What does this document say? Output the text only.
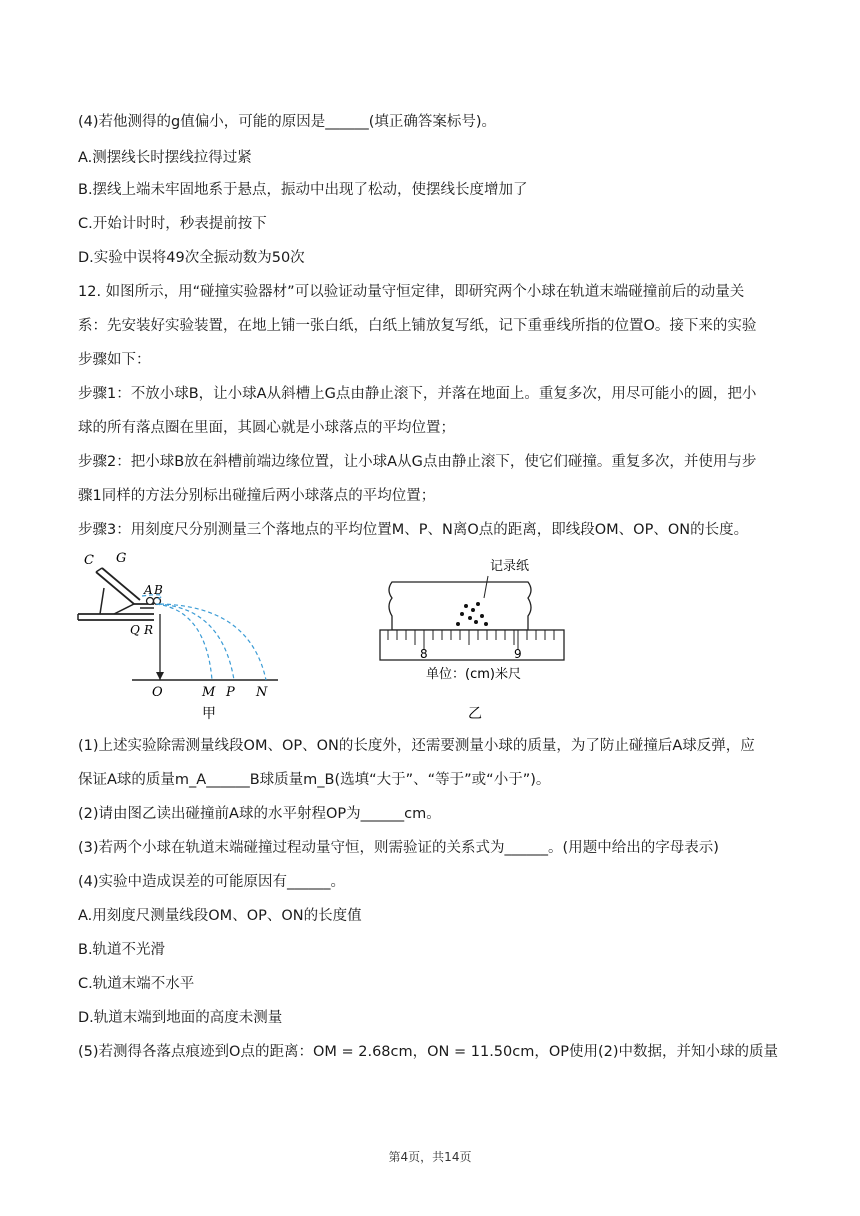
(4)若他测得的g值偏小，可能的原因是______(填正确答案标号)。
A.测摆线长时摆线拉得过紧
B.摆线上端未牢固地系于悬点，振动中出现了松动，使摆线长度增加了
C.开始计时时，秒表提前按下
D.实验中误将49次全振动数为50次
12. 如图所示，用“碰撞实验器材”可以验证动量守恒定律，即研究两个小球在轨道末端碰撞前后的动量关
系：先安装好实验装置，在地上铺一张白纸，白纸上铺放复写纸，记下重垂线所指的位置O。接下来的实验
步骤如下：
步骤1：不放小球B，让小球A从斜槽上G点由静止滚下，并落在地面上。重复多次，用尽可能小的圆，把小
球的所有落点圈在里面，其圆心就是小球落点的平均位置；
步骤2：把小球B放在斜槽前端边缘位置，让小球A从G点由静止滚下，使它们碰撞。重复多次，并使用与步
骤1同样的方法分别标出碰撞后两小球落点的平均位置；
步骤3：用刻度尺分别测量三个落地点的平均位置M、P、N离O点的距离，即线段OM、OP、ON的长度。
C G
A B
Q R
O	M P N
甲
记录纸
8	9
单位：(cm)米尺
乙
(1)上述实验除需测量线段OM、OP、ON的长度外，还需要测量小球的质量，为了防止碰撞后A球反弹，应
保证A球的质量m_A______B球质量m_B(选填“大于”、“等于”或“小于”)。
(2)请由图乙读出碰撞前A球的水平射程OP为______cm。
(3)若两个小球在轨道末端碰撞过程动量守恒，则需验证的关系式为______。(用题中给出的字母表示)
(4)实验中造成误差的可能原因有______。
A.用刻度尺测量线段OM、OP、ON的长度值
B.轨道不光滑
C.轨道末端不水平
D.轨道末端到地面的高度未测量
(5)若测得各落点痕迹到O点的距离：OM = 2.68cm，ON = 11.50cm，OP使用(2)中数据，并知小球的质量
第4页，共14页
